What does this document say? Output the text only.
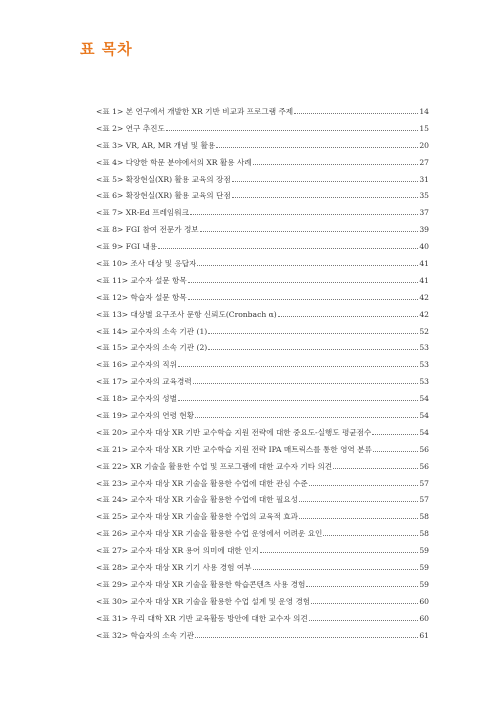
표 목차
<표 1> 본 연구에서 개발한 XR 기반 비교과 프로그램 주제	14
<표 2> 연구 추진도	15
<표 3> VR, AR, MR 개념 및 활용	20
<표 4> 다양한 학문 분야에서의 XR 활용 사례	27
<표 5> 확장현실(XR) 활용 교육의 장점	31
<표 6> 확장현실(XR) 활용 교육의 단점	35
<표 7> XR-Ed 프레임워크	37
<표 8> FGI 참여 전문가 정보	39
<표 9> FGI 내용	40
<표 10> 조사 대상 및 응답자	41
<표 11> 교수자 설문 항목	41
<표 12> 학습자 설문 항목	42
<표 13> 대상별 요구조사 문항 신뢰도(Cronbach α)	42
<표 14> 교수자의 소속 기관 (1)	52
<표 15> 교수자의 소속 기관 (2)	53
<표 16> 교수자의 직위	53
<표 17> 교수자의 교육경력	53
<표 18> 교수자의 성별	54
<표 19> 교수자의 연령 현황	54
<표 20> 교수자 대상 XR 기반 교수학습 지원 전략에 대한 중요도-실행도 평균점수	54
<표 21> 교수자 대상 XR 기반 교수학습 지원 전략 IPA 매트릭스를 통한 영역 분류	56
<표 22> XR 기술을 활용한 수업 및 프로그램에 대한 교수자 기타 의견	56
<표 23> 교수자 대상 XR 기술을 활용한 수업에 대한 관심 수준	57
<표 24> 교수자 대상 XR 기술을 활용한 수업에 대한 필요성	57
<표 25> 교수자 대상 XR 기술을 활용한 수업의 교육적 효과	58
<표 26> 교수자 대상 XR 기술을 활용한 수업 운영에서 어려운 요인	58
<표 27> 교수자 대상 XR 용어 의미에 대한 인지	59
<표 28> 교수자 대상 XR 기기 사용 경험 여부	59
<표 29> 교수자 대상 XR 기술을 활용한 학습콘텐츠 사용 경험	59
<표 30> 교수자 대상 XR 기술을 활용한 수업 설계 및 운영 경험	60
<표 31> 우리 대학 XR 기반 교육활동 방안에 대한 교수자 의견	60
<표 32> 학습자의 소속 기관	61
